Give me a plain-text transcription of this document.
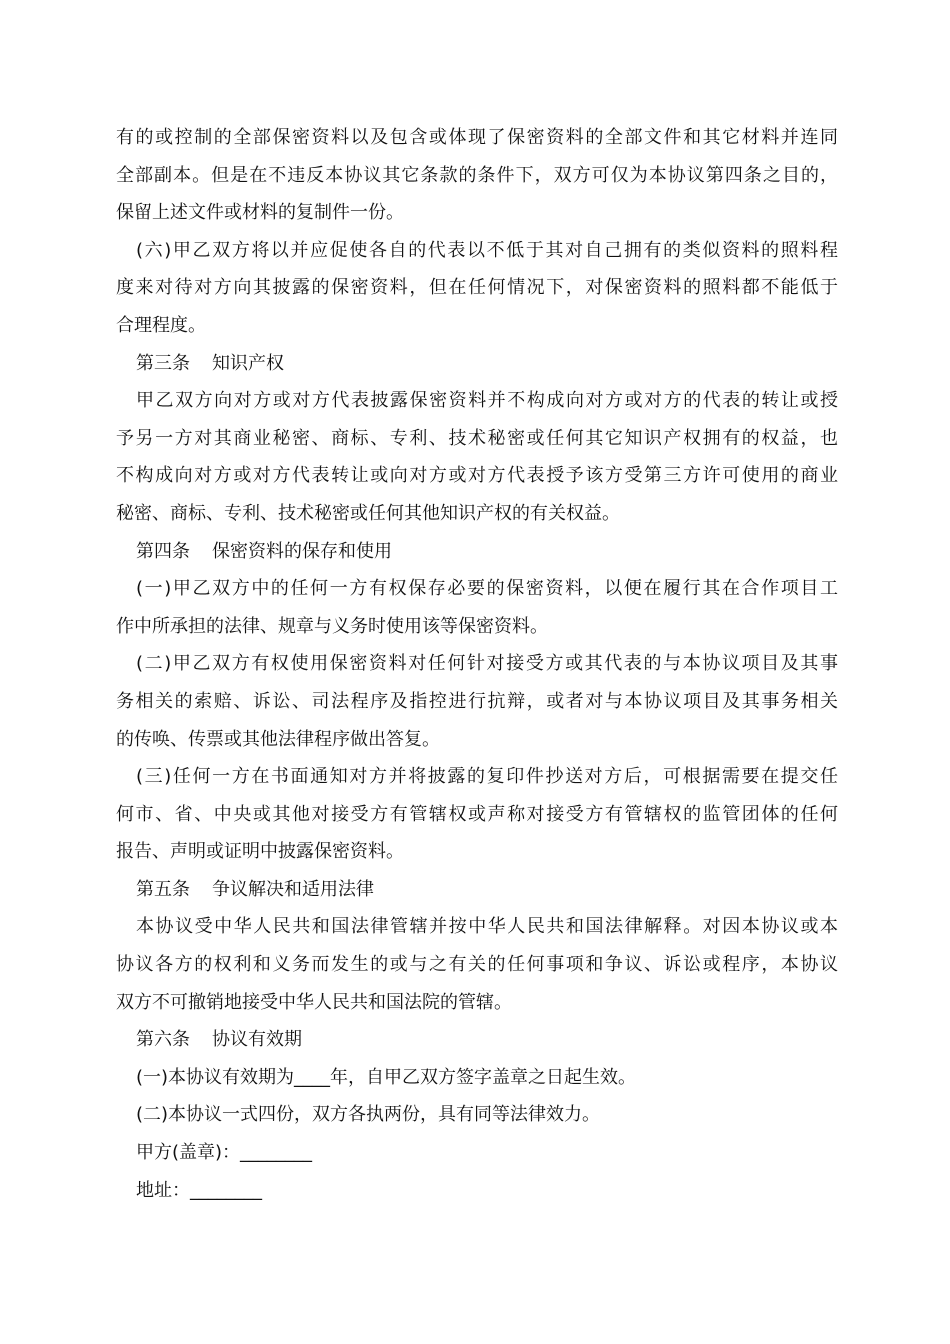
有的或控制的全部保密资料以及包含或体现了保密资料的全部文件和其它材料并连同
全部副本。但是在不违反本协议其它条款的条件下，双方可仅为本协议第四条之目的，
保留上述文件或材料的复制件一份。
(六)甲乙双方将以并应促使各自的代表以不低于其对自己拥有的类似资料的照料程
度来对待对方向其披露的保密资料，但在任何情况下，对保密资料的照料都不能低于
合理程度。
第三条 知识产权
甲乙双方向对方或对方代表披露保密资料并不构成向对方或对方的代表的转让或授
予另一方对其商业秘密、商标、专利、技术秘密或任何其它知识产权拥有的权益，也
不构成向对方或对方代表转让或向对方或对方代表授予该方受第三方许可使用的商业
秘密、商标、专利、技术秘密或任何其他知识产权的有关权益。
第四条 保密资料的保存和使用
(一)甲乙双方中的任何一方有权保存必要的保密资料，以便在履行其在合作项目工
作中所承担的法律、规章与义务时使用该等保密资料。
(二)甲乙双方有权使用保密资料对任何针对接受方或其代表的与本协议项目及其事
务相关的索赔、诉讼、司法程序及指控进行抗辩，或者对与本协议项目及其事务相关
的传唤、传票或其他法律程序做出答复。
(三)任何一方在书面通知对方并将披露的复印件抄送对方后，可根据需要在提交任
何市、省、中央或其他对接受方有管辖权或声称对接受方有管辖权的监管团体的任何
报告、声明或证明中披露保密资料。
第五条 争议解决和适用法律
本协议受中华人民共和国法律管辖并按中华人民共和国法律解释。对因本协议或本
协议各方的权利和义务而发生的或与之有关的任何事项和争议、诉讼或程序，本协议
双方不可撤销地接受中华人民共和国法院的管辖。
第六条 协议有效期
(一)本协议有效期为____年，自甲乙双方签字盖章之日起生效。
(二)本协议一式四份，双方各执两份，具有同等法律效力。
甲方(盖章)：________
地址：________
